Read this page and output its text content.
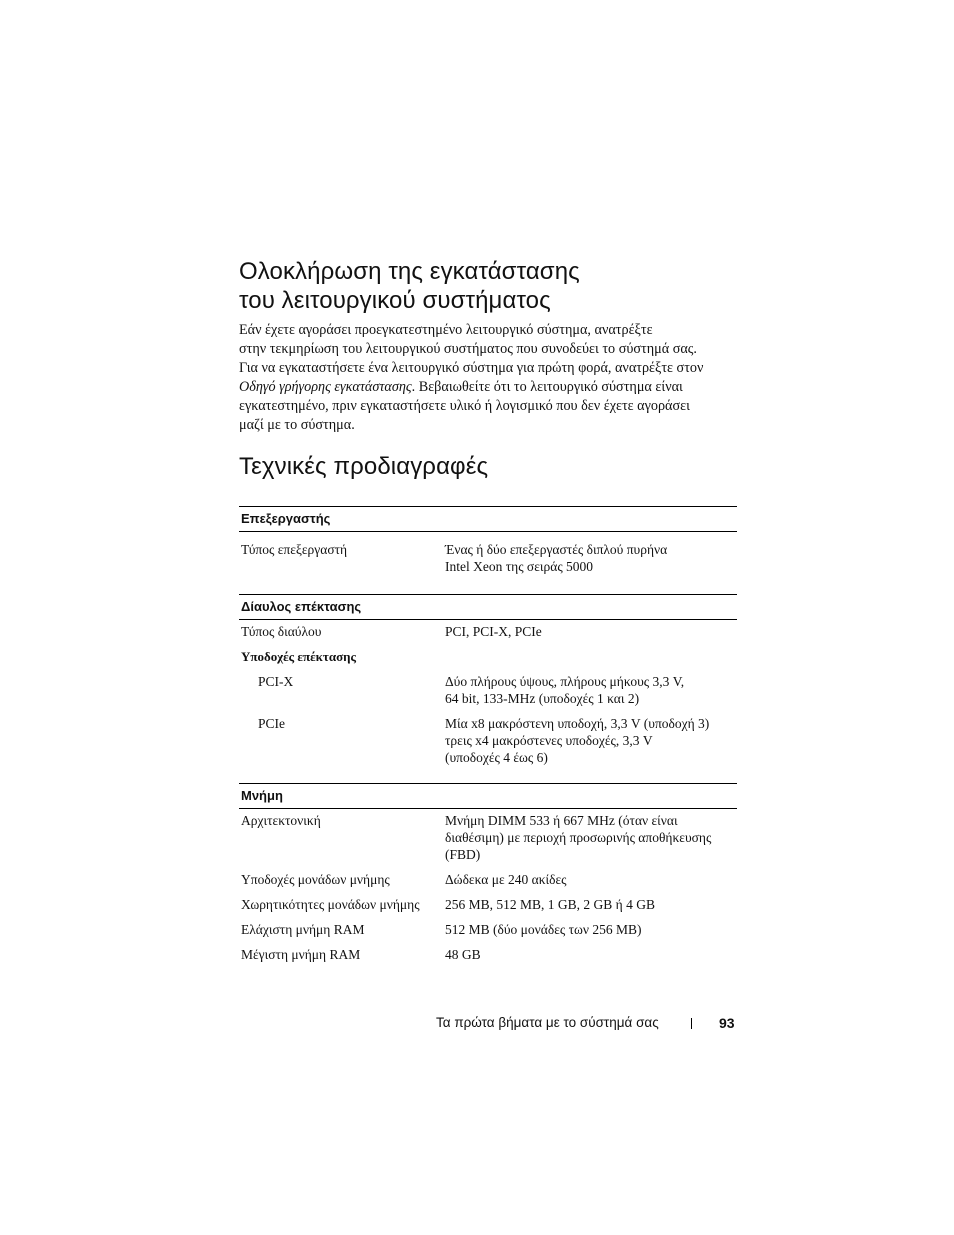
Ολοκλήρωση της εγκατάστασης
του λειτουργικού συστήματος

Εάν έχετε αγοράσει προεγκατεστημένο λειτουργικό σύστημα, ανατρέξτε
στην τεκμηρίωση του λειτουργικού συστήματος που συνοδεύει το σύστημά σας.
Για να εγκαταστήσετε ένα λειτουργικό σύστημα για πρώτη φορά, ανατρέξτε στον
Οδηγό γρήγορης εγκατάστασης. Βεβαιωθείτε ότι το λειτουργικό σύστημα είναι
εγκατεστημένο, πριν εγκαταστήσετε υλικό ή λογισμικό που δεν έχετε αγοράσει
μαζί με το σύστημα.

Τεχνικές προδιαγραφές
Επεξεργαστής
Τύπος επεξεργαστή	Ένας ή δύο επεξεργαστές διπλού πυρήνα
Intel Xeon της σειράς 5000
Δίαυλος επέκτασης
Τύπος διαύλου	PCI, PCI-X, PCIe
Υποδοχές επέκτασης
PCI-X	Δύο πλήρους ύψους, πλήρους μήκους 3,3 V,
64 bit, 133-MHz (υποδοχές 1 και 2)
PCIe	Μία x8 μακρόστενη υποδοχή, 3,3 V (υποδοχή 3)
τρεις x4 μακρόστενες υποδοχές, 3,3 V
(υποδοχές 4 έως 6)
Μνήμη
Αρχιτεκτονική	Μνήμη DIMM 533 ή 667 MHz (όταν είναι
διαθέσιμη) με περιοχή προσωρινής αποθήκευσης
(FBD)
Υποδοχές μονάδων μνήμης	Δώδεκα με 240 ακίδες
Χωρητικότητες μονάδων μνήμης	256 MB, 512 MB, 1 GB, 2 GB ή 4 GB
Ελάχιστη μνήμη RAM	512 MB (δύο μονάδες των 256 MB)
Μέγιστη μνήμη RAM	48 GB
Τα πρώτα βήματα με το σύστημά σας	93
